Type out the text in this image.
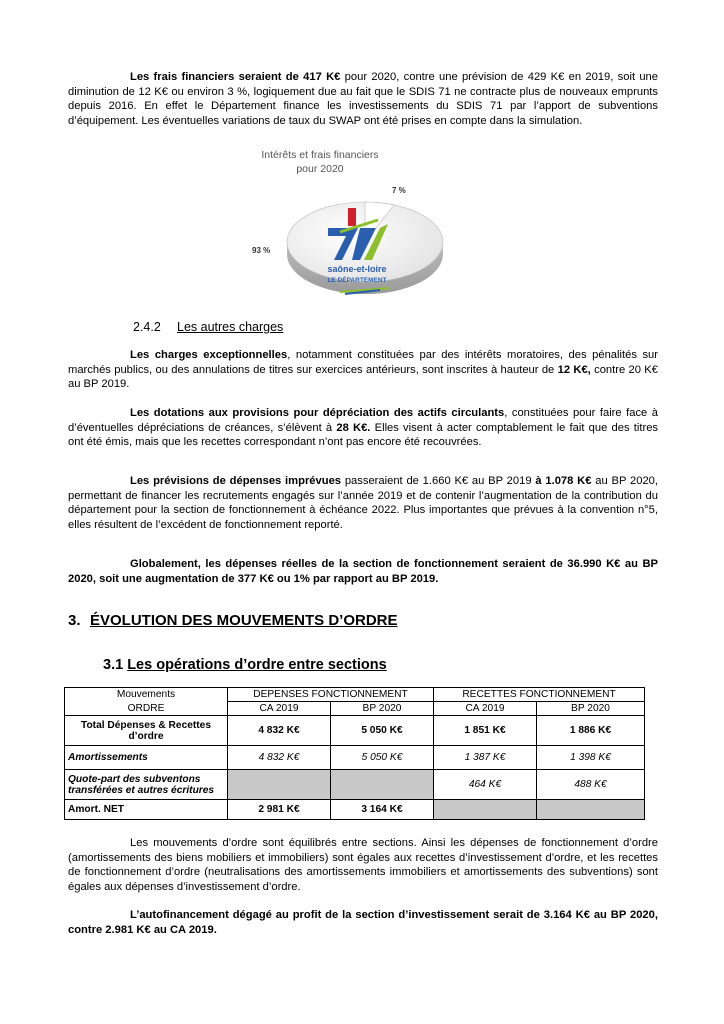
Les frais financiers seraient de 417 K€ pour 2020, contre une prévision de 429 K€ en 2019, soit une diminution de 12 K€ ou environ 3 %, logiquement due au fait que le SDIS 71 ne contracte plus de nouveaux emprunts depuis 2016. En effet le Département finance les investissements du SDIS 71 par l’apport de subventions d’équipement. Les éventuelles variations de taux du SWAP ont été prises en compte dans la simulation.

Intérêts et frais financiers
pour 2020
saône-et-loire
LE DÉPARTEMENT
7 %
93 %
2.4.2 Les autres charges

Les charges exceptionnelles, notamment constituées par des intérêts moratoires, des pénalités sur marchés publics, ou des annulations de titres sur exercices antérieurs, sont inscrites à hauteur de 12 K€, contre 20 K€ au BP 2019.

Les dotations aux provisions pour dépréciation des actifs circulants, constituées pour faire face à d’éventuelles dépréciations de créances, s’élèvent à 28 K€. Elles visent à acter comptablement le fait que des titres ont été émis, mais que les recettes correspondant n’ont pas encore été recouvrées.

Les prévisions de dépenses imprévues passeraient de 1.660 K€ au BP 2019 à 1.078 K€ au BP 2020, permettant de financer les recrutements engagés sur l’année 2019 et de contenir l’augmentation de la contribution du département pour la section de fonctionnement à échéance 2022. Plus importantes que prévues à la convention n°5, elles résultent de l’excédent de fonctionnement reporté.

Globalement, les dépenses réelles de la section de fonctionnement seraient de 36.990 K€ au BP 2020, soit une augmentation de 377 K€ ou 1% par rapport au BP 2019.

3. ÉVOLUTION DES MOUVEMENTS D’ORDRE
3.1 Les opérations d’ordre entre sections
Mouvements	DEPENSES FONCTIONNEMENT		RECETTES FONCTIONNEMENT	
ORDRE	CA 2019	BP 2020	CA 2019	BP 2020
Total Dépenses & Recettes d’ordre	4 832 K€	5 050 K€	1 851 K€	1 886 K€
Amortissements	4 832 K€	5 050 K€	1 387 K€	1 398 K€
Quote-part des subventons transférées et autres écritures			464 K€	488 K€
Amort. NET	2 981 K€	3 164 K€		

Les mouvements d’ordre sont équilibrés entre sections. Ainsi les dépenses de fonctionnement d’ordre (amortissements des biens mobiliers et immobiliers) sont égales aux recettes d’investissement d’ordre, et les recettes de fonctionnement d’ordre (neutralisations des amortissements immobiliers et amortissements des subventions) sont égales aux dépenses d’investissement d’ordre.

L’autofinancement dégagé au profit de la section d’investissement serait de 3.164 K€ au BP 2020, contre 2.981 K€ au CA 2019.
